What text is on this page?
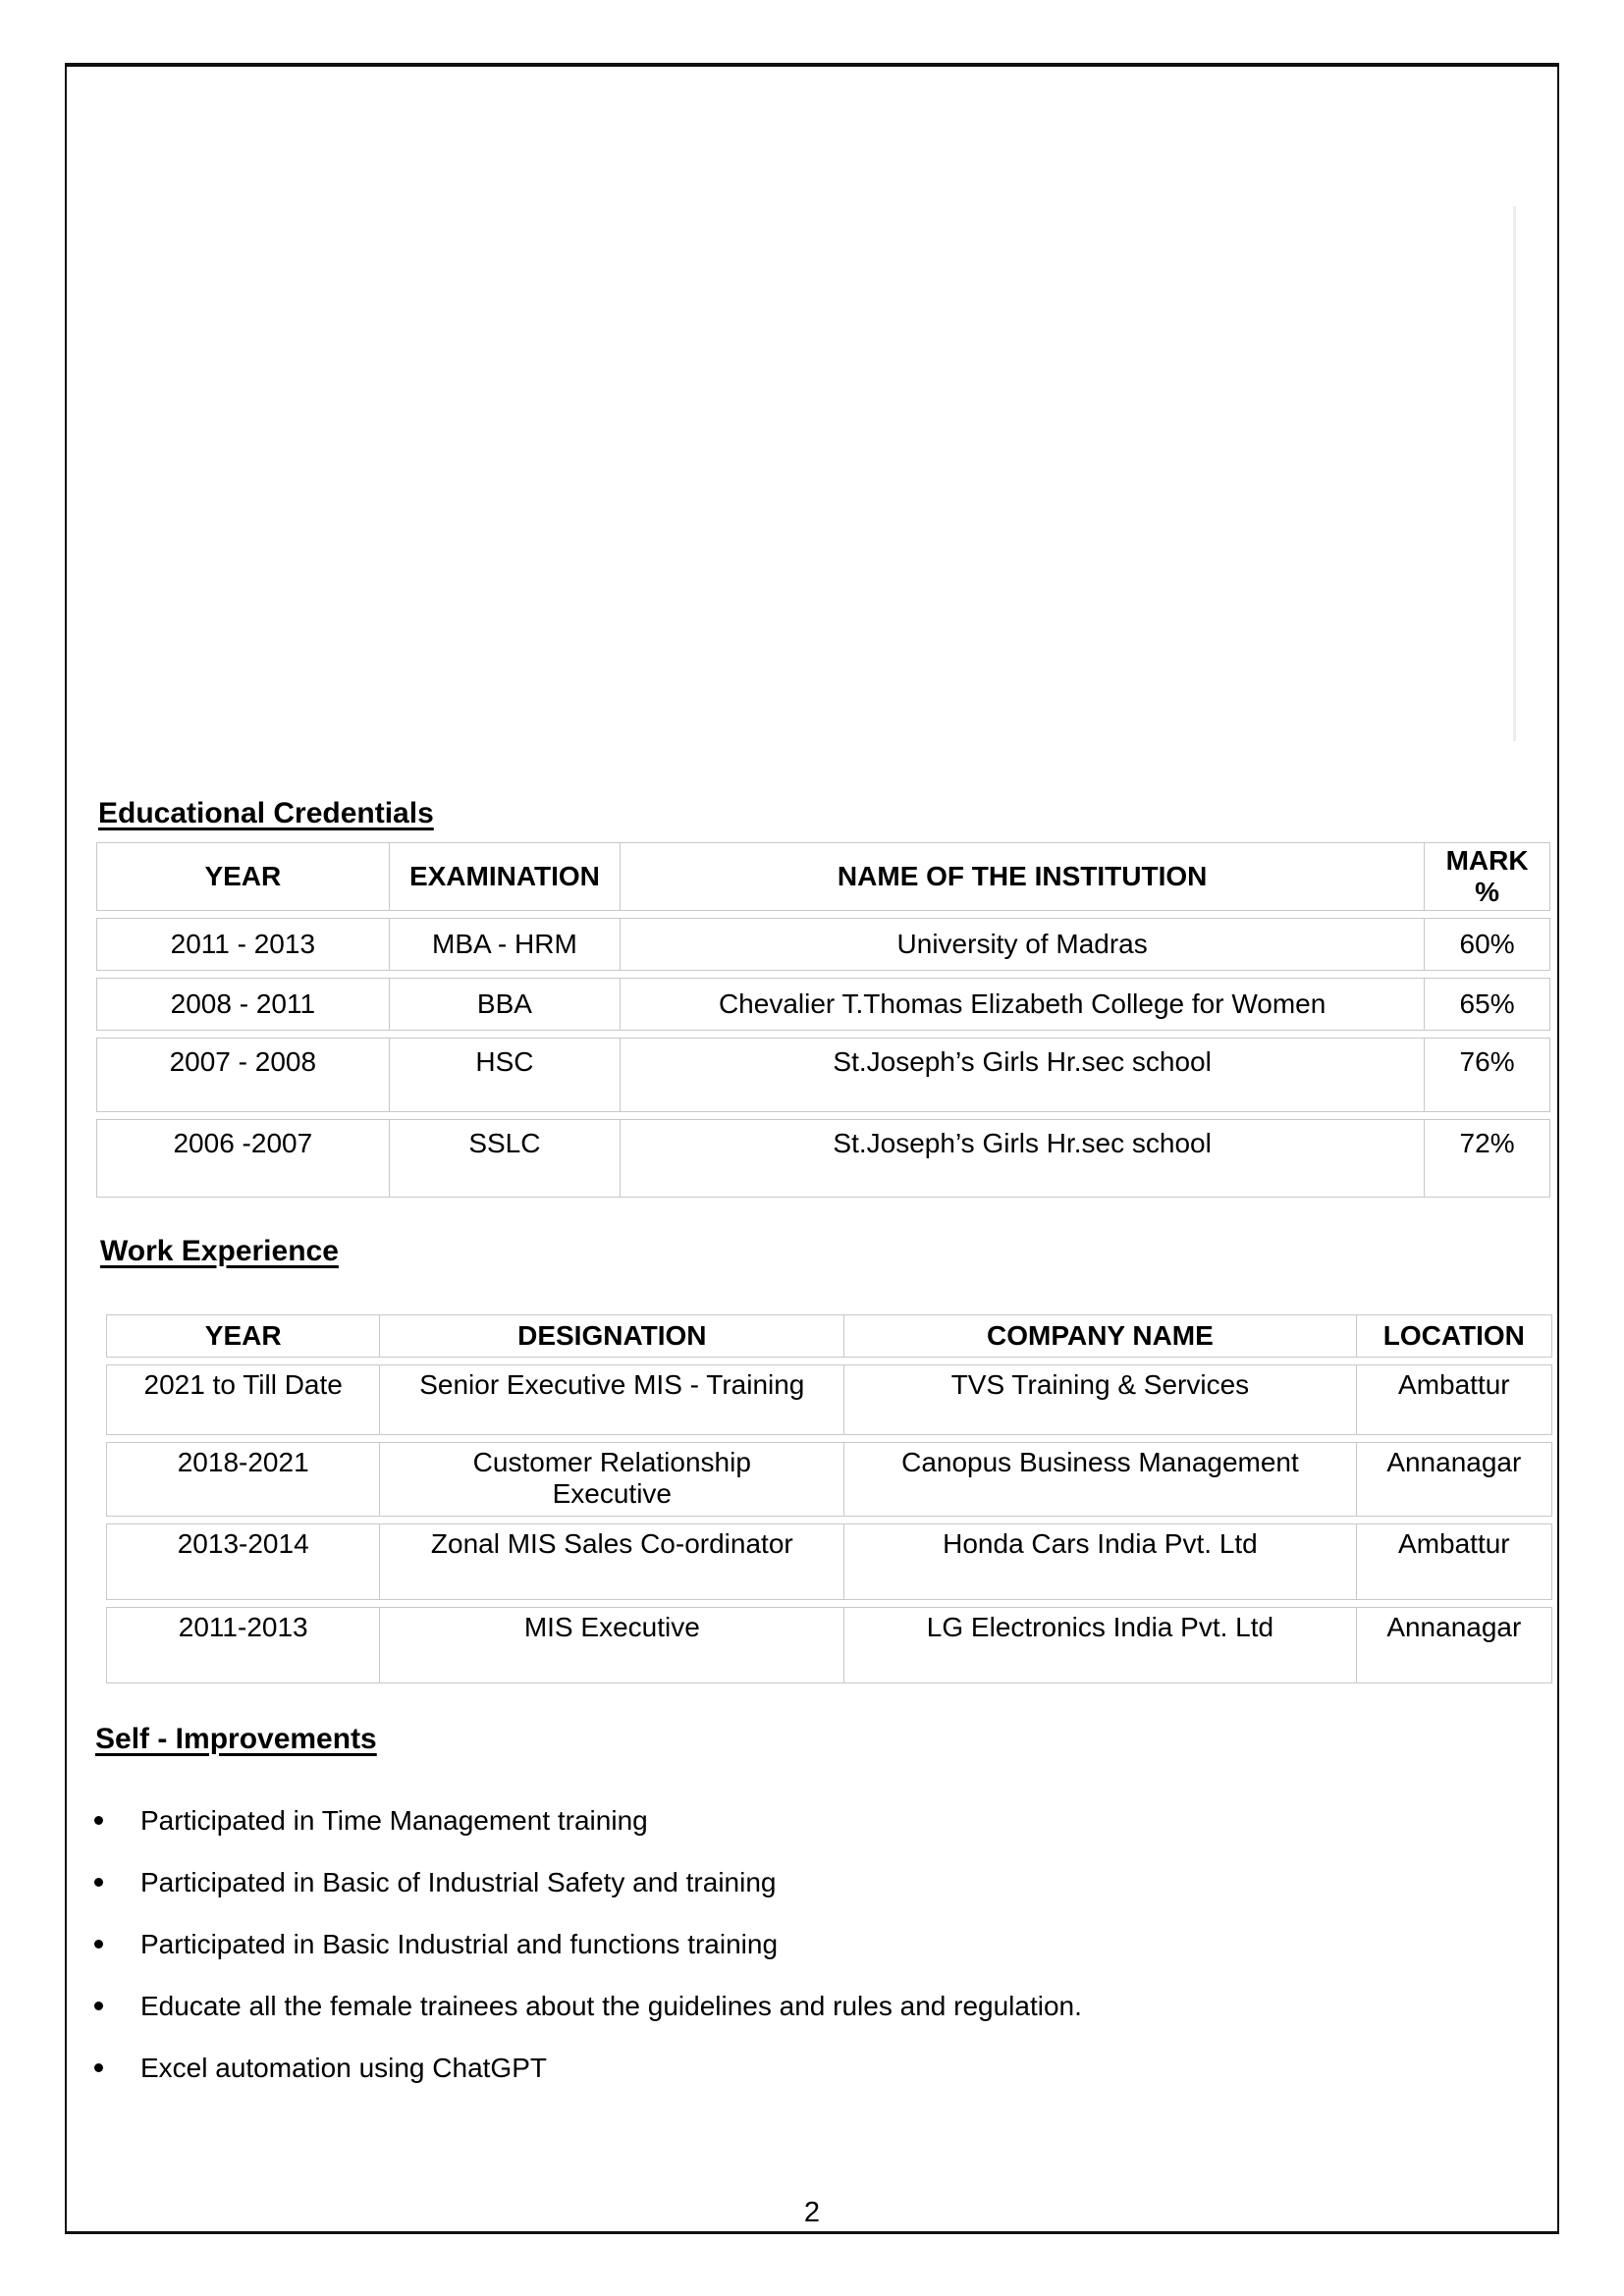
Educational Credentials
YEAR	EXAMINATION	NAME OF THE INSTITUTION	MARK %
2011 - 2013	MBA - HRM	University of Madras	60%
2008 - 2011	BBA	Chevalier T.Thomas Elizabeth College for Women	65%
2007 - 2008	HSC	St.Joseph’s Girls Hr.sec school	76%
2006 -2007	SSLC	St.Joseph’s Girls Hr.sec school	72%
Work Experience
YEAR	DESIGNATION	COMPANY NAME	LOCATION
2021 to Till Date	Senior Executive MIS - Training	TVS Training & Services	Ambattur
2018-2021	Customer Relationship Executive	Canopus Business Management	Annanagar
2013-2014	Zonal MIS Sales Co-ordinator	Honda Cars India Pvt. Ltd	Ambattur
2011-2013	MIS Executive	LG Electronics India Pvt. Ltd	Annanagar
Self - Improvements
Participated in Time Management training
Participated in Basic of Industrial Safety and training
Participated in Basic Industrial and functions training
Educate all the female trainees about the guidelines and rules and regulation.
Excel automation using ChatGPT
2
